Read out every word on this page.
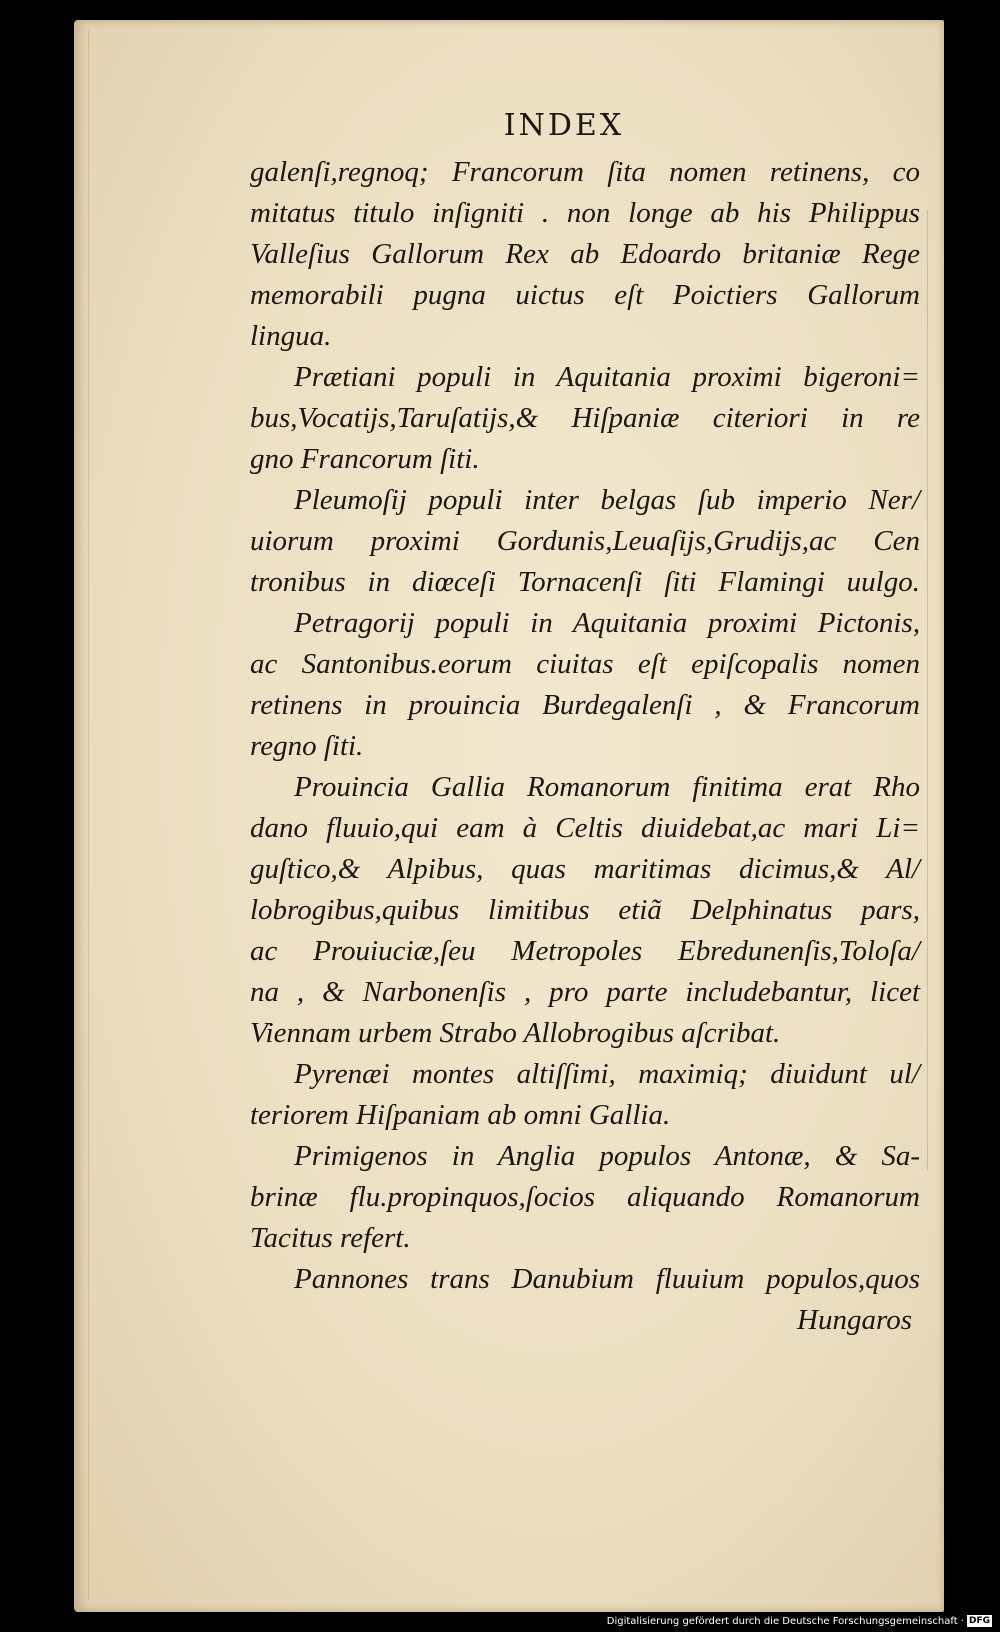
INDEX
galenſi,regnoq; Francorum ſita nomen retinens, co
mitatus titulo inſigniti . non longe ab his Philippus
Valleſius Gallorum Rex ab Edoardo britaniæ Rege
memorabili pugna uictus eſt Poictiers Gallorum
lingua.
Prætiani populi in Aquitania proximi bigeroni=
bus,Vocatijs,Taruſatijs,& Hiſpaniæ citeriori in re
gno Francorum ſiti.
Pleumoſij populi inter belgas ſub imperio Ner/
uiorum proximi Gordunis,Leuaſijs,Grudijs,ac Cen
tronibus in diœceſi Tornacenſi ſiti Flamingi uulgo.
Petragorij populi in Aquitania proximi Pictonis,
ac Santonibus.eorum ciuitas eſt epiſcopalis nomen
retinens in prouincia Burdegalenſi , & Francorum
regno ſiti.
Prouincia Gallia Romanorum finitima erat Rho
dano fluuio,qui eam à Celtis diuidebat,ac mari Li=
guſtico,& Alpibus, quas maritimas dicimus,& Al/
lobrogibus,quibus limitibus etiã Delphinatus pars,
ac Prouiuciæ,ſeu Metropoles Ebredunenſis,Toloſa/
na , & Narbonenſis , pro parte includebantur, licet
Viennam urbem Strabo Allobrogibus aſcribat.
Pyrenæi montes altiſſimi, maximiq; diuidunt ul/
teriorem Hiſpaniam ab omni Gallia.
Primigenos in Anglia populos Antonæ, & Sa-
brinæ flu.propinquos,ſocios aliquando Romanorum
Tacitus refert.
Pannones trans Danubium fluuium populos,quos
Hungaros
Digitalisierung gefördert durch die Deutsche Forschungsgemeinschaft · DFG
